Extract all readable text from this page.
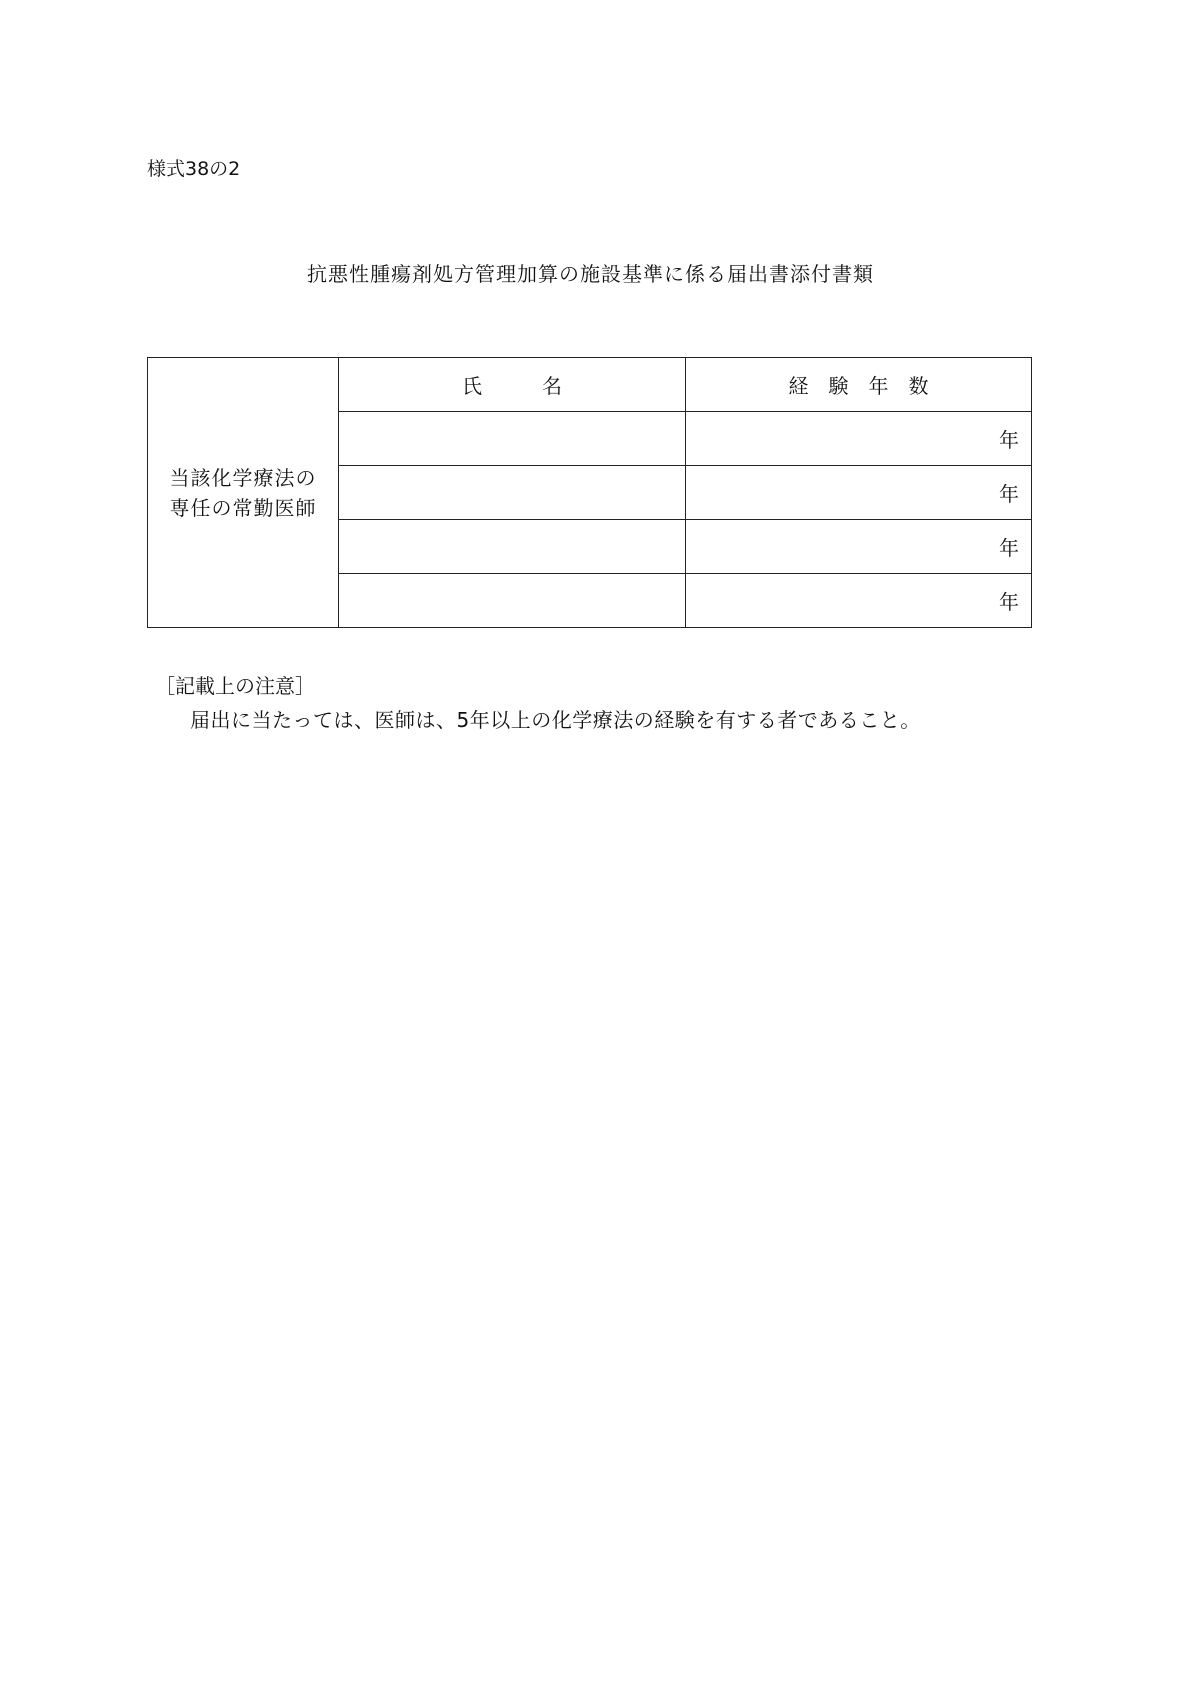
様式38の2
抗悪性腫瘍剤処方管理加算の施設基準に係る届出書添付書類
当該化学療法の
専任の常勤医師	氏　　　名	経　験　年　数
		年
		年
		年
		年
［記載上の注意］
届出に当たっては、医師は、5年以上の化学療法の経験を有する者であること。
